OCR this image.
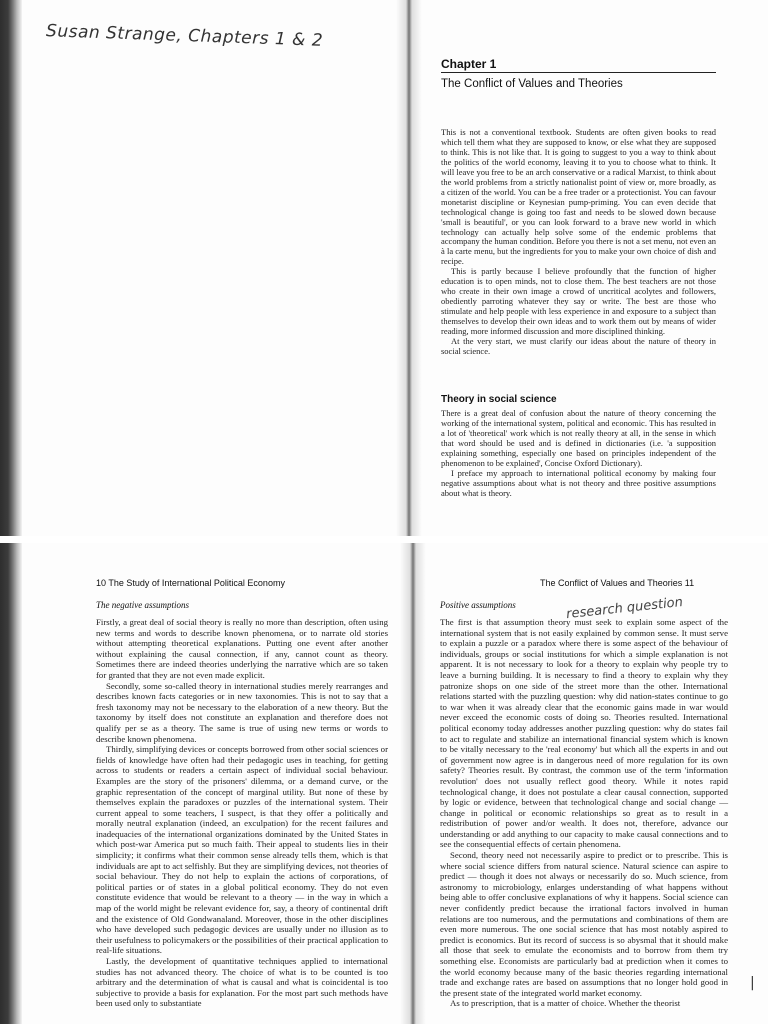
Susan Strange, Chapters 1 & 2
Chapter 1
The Conflict of Values and Theories

This is not a conventional textbook. Students are often given books to read which tell them what they are supposed to know, or else what they are supposed to think. This is not like that. It is going to suggest to you a way to think about the politics of the world economy, leaving it to you to choose what to think. It will leave you free to be an arch conservative or a radical Marxist, to think about the world problems from a strictly nationalist point of view or, more broadly, as a citizen of the world. You can be a free trader or a protectionist. You can favour monetarist discipline or Keynesian pump-priming. You can even decide that technological change is going too fast and needs to be slowed down because 'small is beautiful', or you can look forward to a brave new world in which technology can actually help solve some of the endemic problems that accompany the human condition. Before you there is not a set menu, not even an à la carte menu, but the ingredients for you to make your own choice of dish and recipe.

This is partly because I believe profoundly that the function of higher education is to open minds, not to close them. The best teachers are not those who create in their own image a crowd of uncritical acolytes and followers, obediently parroting whatever they say or write. The best are those who stimulate and help people with less experience in and exposure to a subject than themselves to develop their own ideas and to work them out by means of wider reading, more informed discussion and more disciplined thinking.

At the very start, we must clarify our ideas about the nature of theory in social science.

Theory in social science

There is a great deal of confusion about the nature of theory concerning the working of the international system, political and economic. This has resulted in a lot of 'theoretical' work which is not really theory at all, in the sense in which that word should be used and is defined in dictionaries (i.e. 'a supposition explaining something, especially one based on principles independent of the phenomenon to be explained', Concise Oxford Dictionary).

I preface my approach to international political economy by making four negative assumptions about what is not theory and three positive assumptions about what is theory.

10 The Study of International Political Economy
The negative assumptions

Firstly, a great deal of social theory is really no more than description, often using new terms and words to describe known phenomena, or to narrate old stories without attempting theoretical explanations. Putting one event after another without explaining the causal connection, if any, cannot count as theory. Sometimes there are indeed theories underlying the narrative which are so taken for granted that they are not even made explicit.

Secondly, some so-called theory in international studies merely rearranges and describes known facts categories or in new taxonomies. This is not to say that a fresh taxonomy may not be necessary to the elaboration of a new theory. But the taxonomy by itself does not constitute an explanation and therefore does not qualify per se as a theory. The same is true of using new terms or words to describe known phenomena.

Thirdly, simplifying devices or concepts borrowed from other social sciences or fields of knowledge have often had their pedagogic uses in teaching, for getting across to students or readers a certain aspect of individual social behaviour. Examples are the story of the prisoners' dilemma, or a demand curve, or the graphic representation of the concept of marginal utility. But none of these by themselves explain the paradoxes or puzzles of the international system. Their current appeal to some teachers, I suspect, is that they offer a politically and morally neutral explanation (indeed, an exculpation) for the recent failures and inadequacies of the international organizations dominated by the United States in which post-war America put so much faith. Their appeal to students lies in their simplicity; it confirms what their common sense already tells them, which is that individuals are apt to act selfishly. But they are simplifying devices, not theories of social behaviour. They do not help to explain the actions of corporations, of political parties or of states in a global political economy. They do not even constitute evidence that would be relevant to a theory — in the way in which a map of the world might be relevant evidence for, say, a theory of continental drift and the existence of Old Gondwanaland. Moreover, those in the other disciplines who have developed such pedagogic devices are usually under no illusion as to their usefulness to policymakers or the possibilities of their practical application to real-life situations.

Lastly, the development of quantitative techniques applied to international studies has not advanced theory. The choice of what is to be counted is too arbitrary and the determination of what is causal and what is coincidental is too subjective to provide a basis for explanation. For the most part such methods have been used only to substantiate

The Conflict of Values and Theories 11
Positive assumptions	research question

The first is that assumption theory must seek to explain some aspect of the international system that is not easily explained by common sense. It must serve to explain a puzzle or a paradox where there is some aspect of the behaviour of individuals, groups or social institutions for which a simple explanation is not apparent. It is not necessary to look for a theory to explain why people try to leave a burning building. It is necessary to find a theory to explain why they patronize shops on one side of the street more than the other. International relations started with the puzzling question: why did nation-states continue to go to war when it was already clear that the economic gains made in war would never exceed the economic costs of doing so. Theories resulted. International political economy today addresses another puzzling question: why do states fail to act to regulate and stabilize an international financial system which is known to be vitally necessary to the 'real economy' but which all the experts in and out of government now agree is in dangerous need of more regulation for its own safety? Theories result. By contrast, the common use of the term 'information revolution' does not usually reflect good theory. While it notes rapid technological change, it does not postulate a clear causal connection, supported by logic or evidence, between that technological change and social change — change in political or economic relationships so great as to result in a redistribution of power and/or wealth. It does not, therefore, advance our understanding or add anything to our capacity to make causal connections and to see the consequential effects of certain phenomena.

Second, theory need not necessarily aspire to predict or to prescribe. This is where social science differs from natural science. Natural science can aspire to predict — though it does not always or necessarily do so. Much science, from astronomy to microbiology, enlarges understanding of what happens without being able to offer conclusive explanations of why it happens. Social science can never confidently predict because the irrational factors involved in human relations are too numerous, and the permutations and combinations of them are even more numerous. The one social science that has most notably aspired to predict is economics. But its record of success is so abysmal that it should make all those that seek to emulate the economists and to borrow from them try something else. Economists are particularly bad at prediction when it comes to the world economy because many of the basic theories regarding international trade and exchange rates are based on assumptions that no longer hold good in the present state of the integrated world market economy.

As to prescription, that is a matter of choice. Whether the theorist

|
